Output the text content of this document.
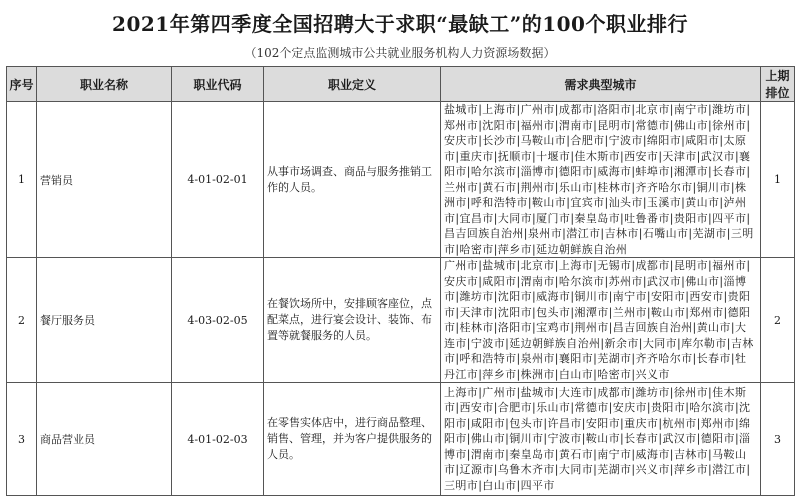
2021年第四季度全国招聘大于求职“最缺工”的100个职业排行
（102个定点监测城市公共就业服务机构人力资源场数据）
序号	职业名称	职业代码	职业定义	需求典型城市	上期排位
1	营销员	4-01-02-01	从事市场调查、商品与服务推销工作的人员。	盐城市|上海市|广州市|成都市|洛阳市|北京市|南宁市|潍坊市|郑州市|沈阳市|福州市|渭南市|昆明市|常德市|佛山市|徐州市|安庆市|长沙市|马鞍山市|合肥市|宁波市|绵阳市|咸阳市|太原市|重庆市|抚顺市|十堰市|佳木斯市|西安市|天津市|武汉市|襄阳市|哈尔滨市|淄博市|德阳市|威海市|蚌埠市|湘潭市|长春市|兰州市|黄石市|荆州市|乐山市|桂林市|齐齐哈尔市|铜川市|株洲市|呼和浩特市|鞍山市|宜宾市|汕头市|玉溪市|黄山市|泸州市|宜昌市|大同市|厦门市|秦皇岛市|吐鲁番市|贵阳市|四平市|昌吉回族自治州|泉州市|潜江市|吉林市|石嘴山市|芜湖市|三明市|哈密市|萍乡市|延边朝鲜族自治州	1
2	餐厅服务员	4-03-02-05	在餐饮场所中，安排顾客座位，点配菜点，进行宴会设计、装饰、布置等就餐服务的人员。	广州市|盐城市|北京市|上海市|无锡市|成都市|昆明市|福州市|安庆市|咸阳市|渭南市|哈尔滨市|苏州市|武汉市|佛山市|淄博市|潍坊市|沈阳市|威海市|铜川市|南宁市|安阳市|西安市|贵阳市|天津市|沈阳市|包头市|湘潭市|兰州市|鞍山市|郑州市|德阳市|桂林市|洛阳市|宝鸡市|荆州市|昌吉回族自治州|黄山市|大连市|宁波市|延边朝鲜族自治州|新余市|大同市|库尔勒市|吉林市|呼和浩特市|泉州市|襄阳市|芜湖市|齐齐哈尔市|长春市|牡丹江市|萍乡市|株洲市|白山市|哈密市|兴义市	2
3	商品营业员	4-01-02-03	在零售实体店中，进行商品整理、销售、管理，并为客户提供服务的人员。	上海市|广州市|盐城市|大连市|成都市|潍坊市|徐州市|佳木斯市|西安市|合肥市|乐山市|常德市|安庆市|贵阳市|哈尔滨市|沈阳市|咸阳市|包头市|许昌市|安阳市|重庆市|杭州市|郑州市|绵阳市|佛山市|铜川市|宁波市|鞍山市|长春市|武汉市|德阳市|淄博市|渭南市|秦皇岛市|黄石市|南宁市|威海市|吉林市|马鞍山市|辽源市|乌鲁木齐市|大同市|芜湖市|兴义市|萍乡市|潜江市|三明市|白山市|四平市	3
